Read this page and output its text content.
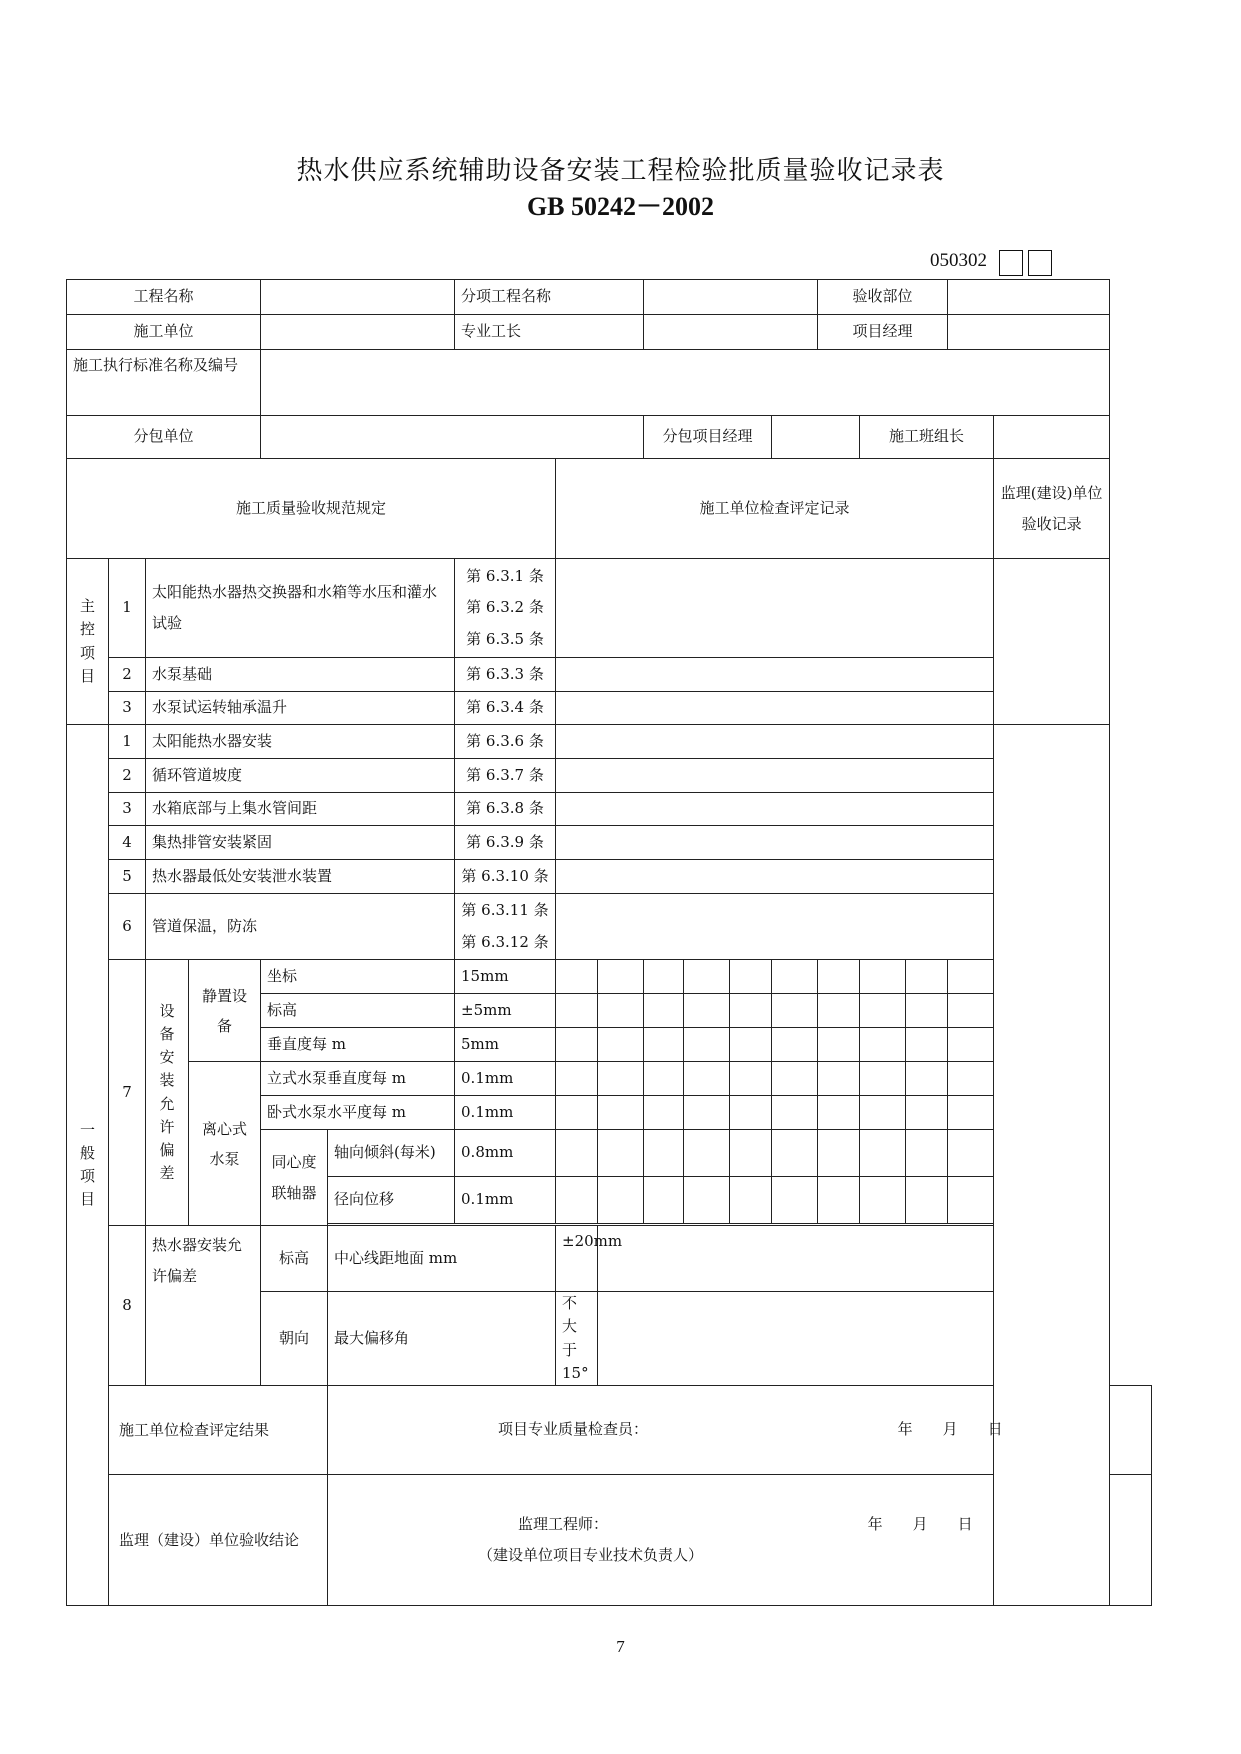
热水供应系统辅助设备安装工程检验批质量验收记录表
GB 50242－2002
050302
工程名称						分项工程名称							验收部位				
施工单位						专业工长							项目经理				
施工执行标准名称及编号																	
分包单位									分包项目经理					施工班组长			
施工质量验收规范规定							施工单位检查评定记录										监理(建设)单位验收记录
主控项目	1	太阳能热水器热交换器和水箱等水压和灌水试验				第 6.3.1 条
第 6.3.2 条
第 6.3.5 条											

	2	水泵基础				第 6.3.3 条											
	3	水泵试运转轴承温升				第 6.3.4 条											
一般项目	1	太阳能热水器安装				第 6.3.6 条											
	2	循环管道坡度				第 6.3.7 条											
	3	水箱底部与上集水管间距				第 6.3.8 条											
	4	集热排管安装紧固				第 6.3.9 条											
	5	热水器最低处安装泄水装置				第 6.3.10 条											
	6	管道保温，防冻				第 6.3.11 条
第 6.3.12 条											

	7	设备安装允许偏差	静置设备	坐标		15mm											
				标高		±5mm											
				垂直度每 m		5mm											
			离心式水泵	立式水泵垂直度每 m		0.1mm											
				卧式水泵水平度每 m		0.1mm											
				同心度联轴器	轴向倾斜(每米)	0.8mm											
					径向位移	0.1mm											

	8	热水器安装允许偏差		标高	中心线距地面 mm		±20mm										
				朝向	最大偏移角		不大于 15°										
	施工单位检查评定结果				项目专业质量检查员： 年　　月　　日												
	监理（建设）单位验收结论				监理工程师： 年　　月　　日
（建设单位项目专业技术负责人）												
7
